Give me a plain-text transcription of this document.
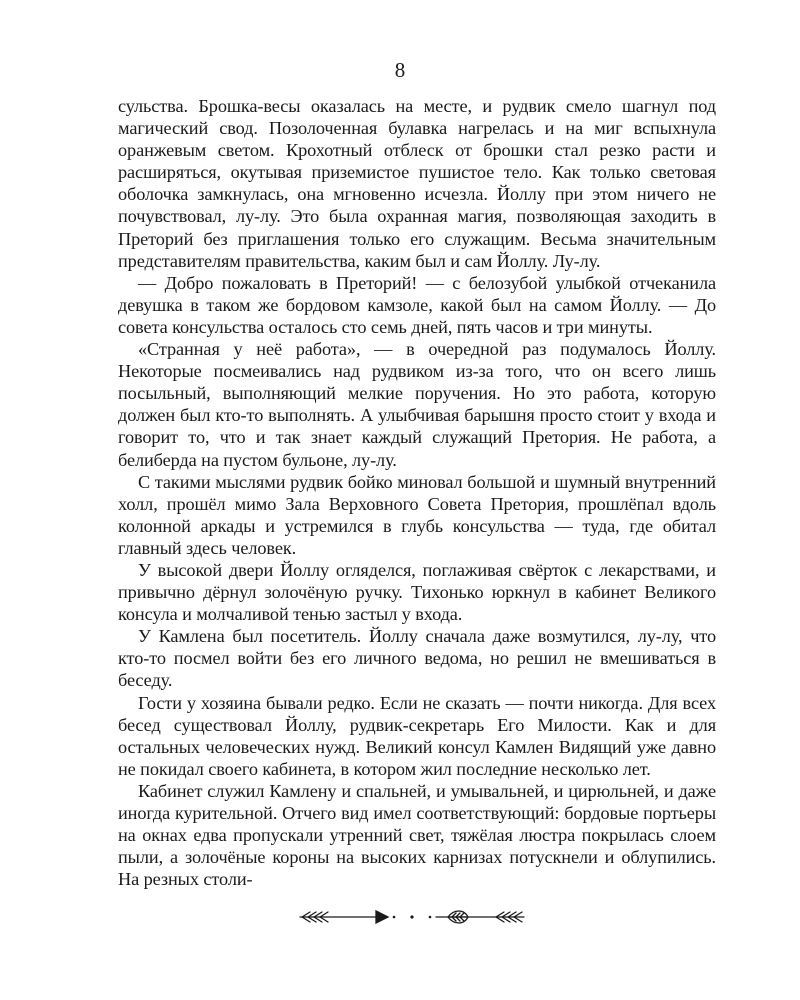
8

сульства. Брошка-весы оказалась на месте, и рудвик смело шагнул под магический свод. Позолоченная булавка нагрелась и на миг вспыхнула оранжевым светом. Крохотный отблеск от брошки стал резко расти и расширяться, окутывая приземистое пушистое тело. Как только световая оболочка замкнулась, она мгновенно исчезла. Йоллу при этом ничего не почувствовал, лу-лу. Это была охранная магия, позволяющая заходить в Преторий без приглашения только его служащим. Весьма значительным представителям правительства, каким был и сам Йоллу. Лу-лу.

— Добро пожаловать в Преторий! — с белозубой улыбкой отчеканила девушка в таком же бордовом камзоле, какой был на самом Йоллу. — До совета консульства осталось сто семь дней, пять часов и три минуты.

«Странная у неё работа», — в очередной раз подумалось Йоллу. Некоторые посмеивались над рудвиком из-за того, что он всего лишь посыльный, выполняющий мелкие поручения. Но это работа, которую должен был кто-то выполнять. А улыбчивая барышня просто стоит у входа и говорит то, что и так знает каждый служащий Претория. Не работа, а белиберда на пустом бульоне, лу-лу.

С такими мыслями рудвик бойко миновал большой и шумный внутренний холл, прошёл мимо Зала Верховного Совета Претория, прошлёпал вдоль колонной аркады и устремился в глубь консульства — туда, где обитал главный здесь человек.

У высокой двери Йоллу огляделся, поглаживая свёрток с лекарствами, и привычно дёрнул золочёную ручку. Тихонько юркнул в кабинет Великого консула и молчаливой тенью застыл у входа.

У Камлена был посетитель. Йоллу сначала даже возмутился, лу-лу, что кто-то посмел войти без его личного ведома, но решил не вмешиваться в беседу.

Гости у хозяина бывали редко. Если не сказать — почти никогда. Для всех бесед существовал Йоллу, рудвик-секретарь Его Милости. Как и для остальных человеческих нужд. Великий консул Камлен Видящий уже давно не покидал своего кабинета, в котором жил последние несколько лет.

Кабинет служил Камлену и спальней, и умывальней, и цирюльней, и даже иногда курительной. Отчего вид имел соответствующий: бордовые портьеры на окнах едва пропускали утренний свет, тяжёлая люстра покрылась слоем пыли, а золочёные короны на высоких карнизах потускнели и облупились. На резных столи-
